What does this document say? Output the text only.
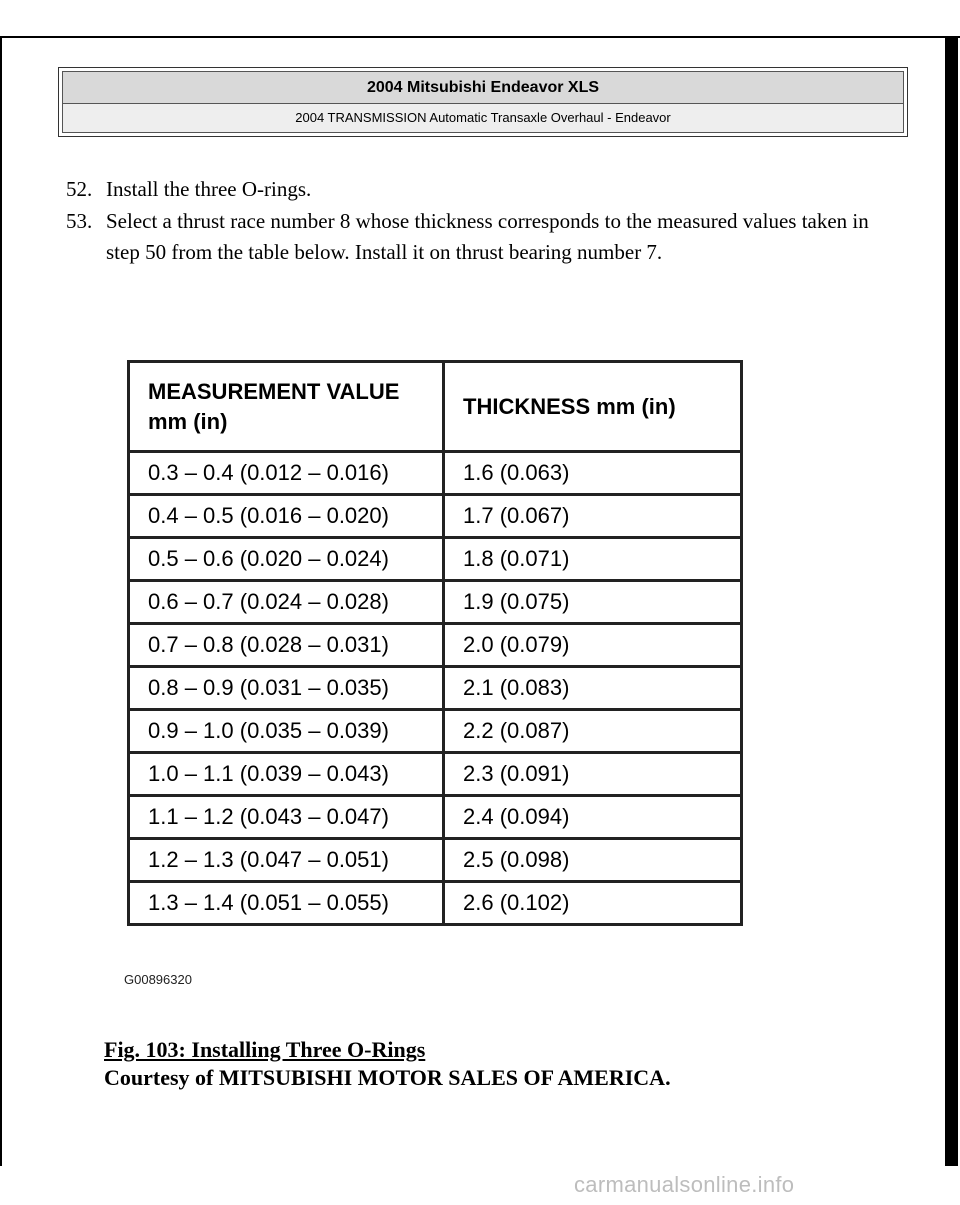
2004 Mitsubishi Endeavor XLS
2004 TRANSMISSION Automatic Transaxle Overhaul - Endeavor
52. Install the three O-rings.
53. Select a thrust race number 8 whose thickness corresponds to the measured values taken in step 50 from the table below. Install it on thrust bearing number 7.
MEASUREMENT VALUE mm (in)	THICKNESS mm (in)
0.3 – 0.4 (0.012 – 0.016)	1.6 (0.063)
0.4 – 0.5 (0.016 – 0.020)	1.7 (0.067)
0.5 – 0.6 (0.020 – 0.024)	1.8 (0.071)
0.6 – 0.7 (0.024 – 0.028)	1.9 (0.075)
0.7 – 0.8 (0.028 – 0.031)	2.0 (0.079)
0.8 – 0.9 (0.031 – 0.035)	2.1 (0.083)
0.9 – 1.0 (0.035 – 0.039)	2.2 (0.087)
1.0 – 1.1 (0.039 – 0.043)	2.3 (0.091)
1.1 – 1.2 (0.043 – 0.047)	2.4 (0.094)
1.2 – 1.3 (0.047 – 0.051)	2.5 (0.098)
1.3 – 1.4 (0.051 – 0.055)	2.6 (0.102)
G00896320
Fig. 103: Installing Three O-Rings
Courtesy of MITSUBISHI MOTOR SALES OF AMERICA.
carmanualsonline.info
